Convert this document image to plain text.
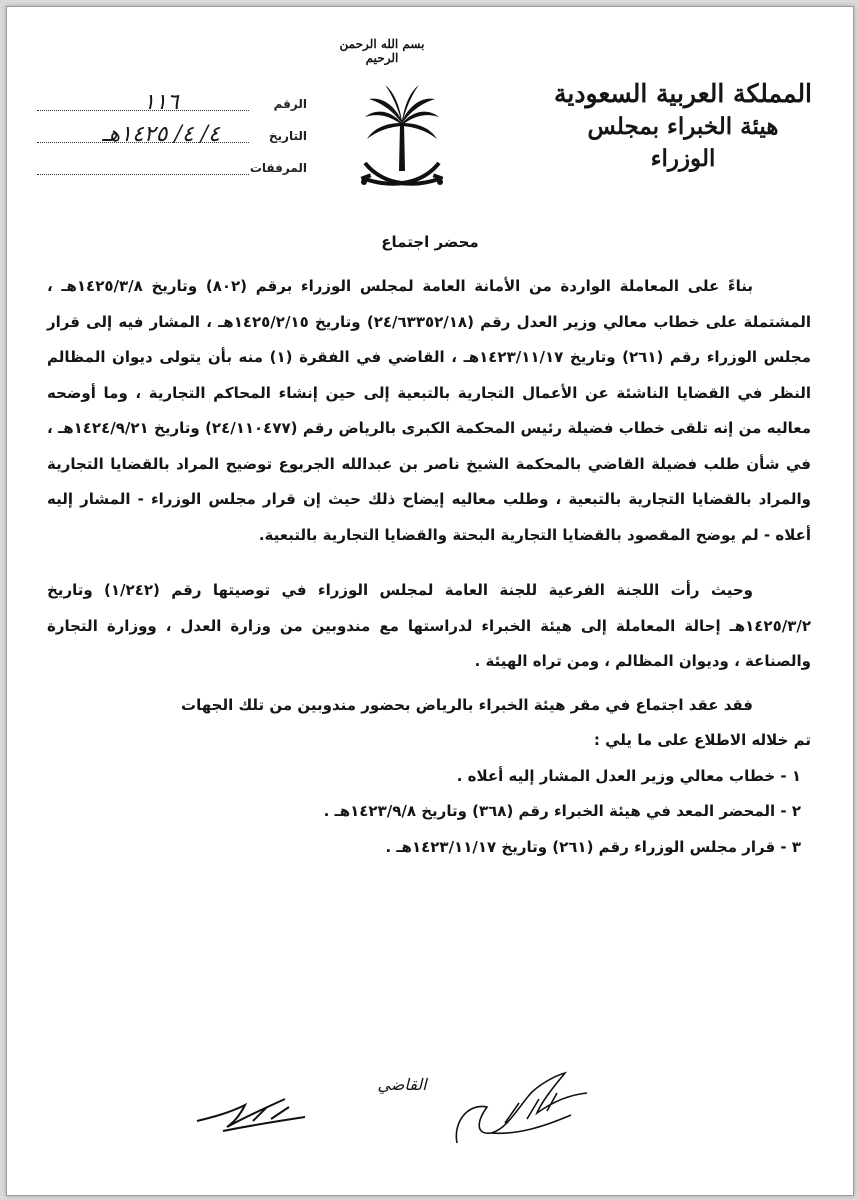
بسم الله الرحمن الرحيم
المملكة العربية السعودية
هيئة الخبراء بمجلس الوزراء
الرقم
١١٦
التاريخ
٤/ ٤/ ١٤٢٥هـ
المرفقات
محضر اجتماع

بناءً على المعاملة الواردة من الأمانة العامة لمجلس الوزراء برقم (٨٠٢) وتاريخ ١٤٢٥/٣/٨هـ ، المشتملة على خطاب معالي وزير العدل رقم (٢٤/٦٣٣٥٢/١٨) وتاريخ ١٤٢٥/٢/١٥هـ ، المشار فيه إلى قرار مجلس الوزراء رقم (٢٦١) وتاريخ ١٤٢٣/١١/١٧هـ ، القاضي في الفقرة (١) منه بأن يتولى ديوان المظالم النظر في القضايا الناشئة عن الأعمال التجارية بالتبعية إلى حين إنشاء المحاكم التجارية ، وما أوضحه معاليه من إنه تلقى خطاب فضيلة رئيس المحكمة الكبرى بالرياض رقم (٢٤/١١٠٤٧٧) وتاريخ ١٤٢٤/٩/٢١هـ ، في شأن طلب فضيلة القاضي بالمحكمة الشيخ ناصر بن عبدالله الجربوع توضيح المراد بالقضايا التجارية والمراد بالقضايا التجارية بالتبعية ، وطلب معاليه إيضاح ذلك حيث إن قرار مجلس الوزراء - المشار إليه أعلاه - لم يوضح المقصود بالقضايا التجارية البحتة والقضايا التجارية بالتبعية.

وحيث رأت اللجنة الفرعية للجنة العامة لمجلس الوزراء في توصيتها رقم (١/٢٤٢) وتاريخ ١٤٢٥/٣/٢هـ إحالة المعاملة إلى هيئة الخبراء لدراستها مع مندوبين من وزارة العدل ، ووزارة التجارة والصناعة ، وديوان المظالم ، ومن تراه الهيئة .

فقد عقد اجتماع في مقر هيئة الخبراء بالرياض بحضور مندوبين من تلك الجهات

تم خلاله الاطلاع على ما يلي :

١ - خطاب معالي وزير العدل المشار إليه أعلاه .

٢ - المحضر المعد في هيئة الخبراء رقم (٣٦٨) وتاريخ ١٤٢٣/٩/٨هـ .

٣ - قرار مجلس الوزراء رقم (٢٦١) وتاريخ ١٤٢٣/١١/١٧هـ .

القاضي
